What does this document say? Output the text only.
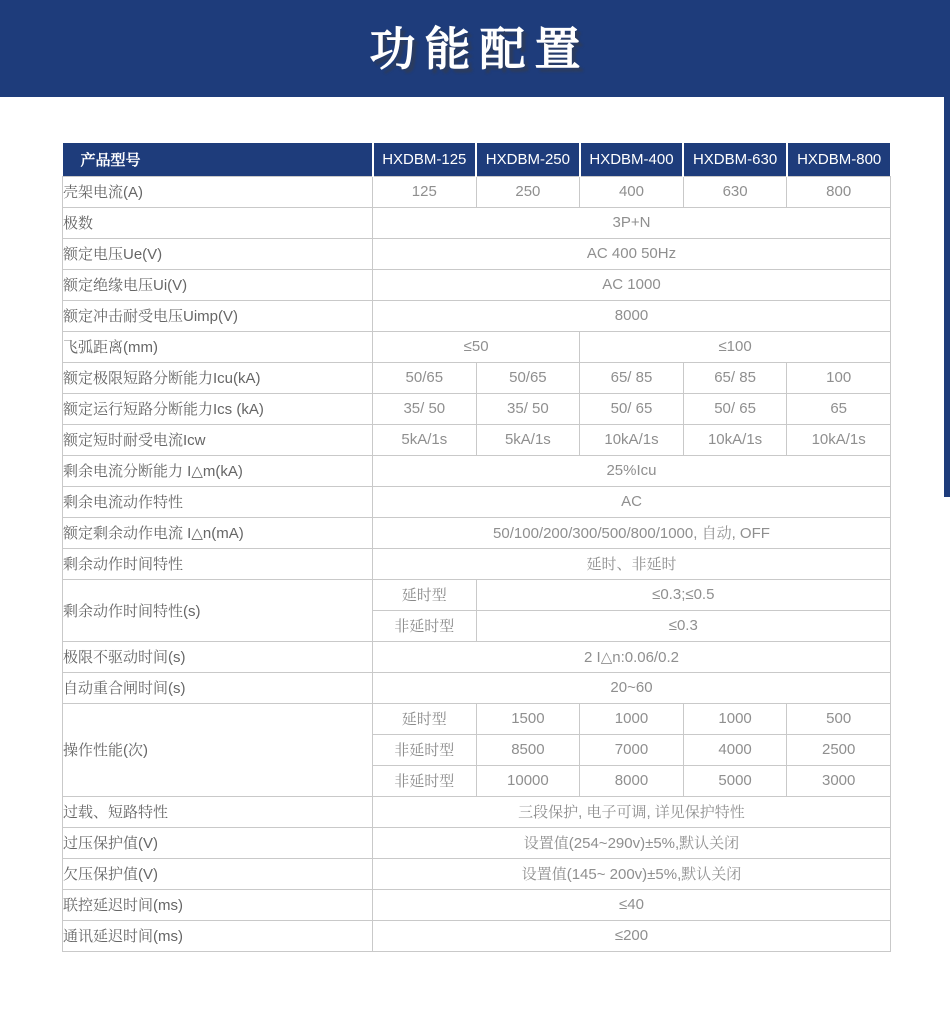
功能配置
产品型号	HXDBM-125	HXDBM-250	HXDBM-400	HXDBM-630	HXDBM-800
壳架电流(A)	125	250	400	630	800
极数	3P+N				
额定电压Ue(V)	AC 400 50Hz				
额定绝缘电压Ui(V)	AC 1000				
额定冲击耐受电压Uimp(V)	8000				
飞弧距离(mm)	≤50		≤100		
额定极限短路分断能力Icu(kA)	50/65	50/65	65/ 85	65/ 85	100
额定运行短路分断能力Ics (kA)	35/ 50	35/ 50	50/ 65	50/ 65	65
额定短时耐受电流Icw	5kA/1s	5kA/1s	10kA/1s	10kA/1s	10kA/1s
剩余电流分断能力 I△m(kA)	25%Icu				
剩余电流动作特性	AC				
额定剩余动作电流 I△n(mA)	50/100/200/300/500/800/1000, 自动, OFF				
剩余动作时间特性	延时、非延时				
剩余动作时间特性(s)	延时型	≤0.3;≤0.5			
	非延时型	≤0.3			
极限不驱动时间(s)	2 I△n:0.06/0.2				
自动重合闸时间(s)	20~60				
操作性能(次)	延时型	1500	1000	1000	500
	非延时型	8500	7000	4000	2500
	非延时型	10000	8000	5000	3000
过载、短路特性	三段保护, 电子可调, 详见保护特性				
过压保护值(V)	设置值(254~290v)±5%,默认关闭				
欠压保护值(V)	设置值(145~ 200v)±5%,默认关闭				
联控延迟时间(ms)	≤40				
通讯延迟时间(ms)	≤200				
